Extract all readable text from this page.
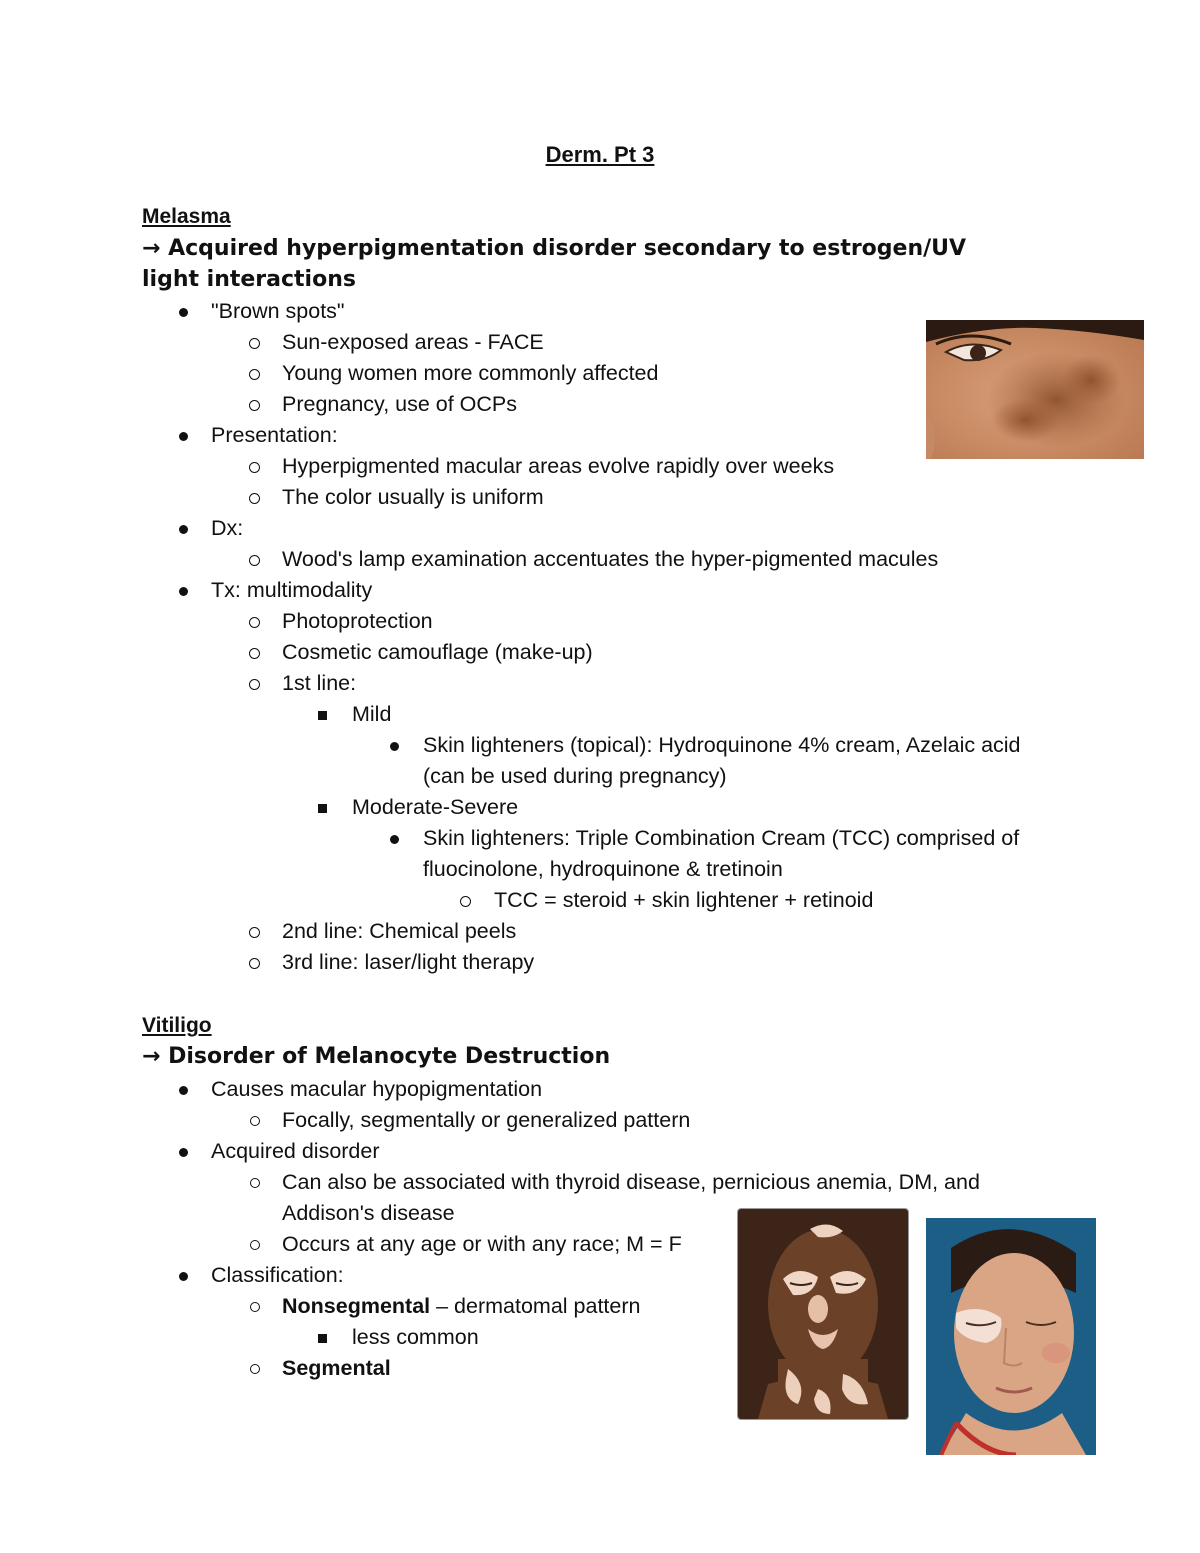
Derm. Pt 3
Melasma
→ Acquired hyperpigmentation disorder secondary to estrogen/UV light interactions
"Brown spots"
Sun-exposed areas - FACE
Young women more commonly affected
Pregnancy, use of OCPs
Presentation:
Hyperpigmented macular areas evolve rapidly over weeks
The color usually is uniform
Dx:
Wood's lamp examination accentuates the hyper-pigmented macules
Tx: multimodality
Photoprotection
Cosmetic camouflage (make-up)
1st line:
Mild
Skin lighteners (topical): Hydroquinone 4% cream, Azelaic acid (can be used during pregnancy)
Moderate-Severe
Skin lighteners: Triple Combination Cream (TCC) comprised of fluocinolone, hydroquinone & tretinoin
TCC = steroid + skin lightener + retinoid
2nd line: Chemical peels
3rd line: laser/light therapy
Vitiligo
→ Disorder of Melanocyte Destruction
Causes macular hypopigmentation
Focally, segmentally or generalized pattern
Acquired disorder
Can also be associated with thyroid disease, pernicious anemia, DM, and Addison's disease
Occurs at any age or with any race; M = F
Classification:
Nonsegmental – dermatomal pattern
less common
Segmental
